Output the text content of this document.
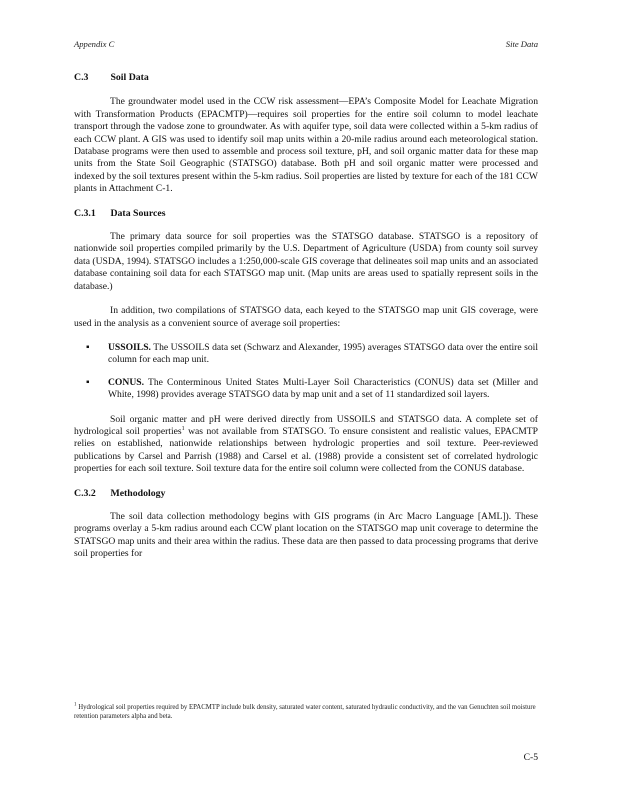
Appendix C	Site Data
C.3 Soil Data

The groundwater model used in the CCW risk assessment—EPA’s Composite Model for Leachate Migration with Transformation Products (EPACMTP)—requires soil properties for the entire soil column to model leachate transport through the vadose zone to groundwater. As with aquifer type, soil data were collected within a 5-km radius of each CCW plant. A GIS was used to identify soil map units within a 20-mile radius around each meteorological station. Database programs were then used to assemble and process soil texture, pH, and soil organic matter data for these map units from the State Soil Geographic (STATSGO) database. Both pH and soil organic matter were processed and indexed by the soil textures present within the 5-km radius. Soil properties are listed by texture for each of the 181 CCW plants in Attachment C-1.

C.3.1 Data Sources

The primary data source for soil properties was the STATSGO database. STATSGO is a repository of nationwide soil properties compiled primarily by the U.S. Department of Agriculture (USDA) from county soil survey data (USDA, 1994). STATSGO includes a 1:250,000-scale GIS coverage that delineates soil map units and an associated database containing soil data for each STATSGO map unit. (Map units are areas used to spatially represent soils in the database.)

In addition, two compilations of STATSGO data, each keyed to the STATSGO map unit GIS coverage, were used in the analysis as a convenient source of average soil properties:

▪ USSOILS. The USSOILS data set (Schwarz and Alexander, 1995) averages STATSGO data over the entire soil column for each map unit.
▪ CONUS. The Conterminous United States Multi-Layer Soil Characteristics (CONUS) data set (Miller and White, 1998) provides average STATSGO data by map unit and a set of 11 standardized soil layers.

Soil organic matter and pH were derived directly from USSOILS and STATSGO data. A complete set of hydrological soil properties$^1$ was not available from STATSGO. To ensure consistent and realistic values, EPACMTP relies on established, nationwide relationships between hydrologic properties and soil texture. Peer-reviewed publications by Carsel and Parrish (1988) and Carsel et al. (1988) provide a consistent set of correlated hydrologic properties for each soil texture. Soil texture data for the entire soil column were collected from the CONUS database.

C.3.2 Methodology

The soil data collection methodology begins with GIS programs (in Arc Macro Language [AML]). These programs overlay a 5-km radius around each CCW plant location on the STATSGO map unit coverage to determine the STATSGO map units and their area within the radius. These data are then passed to data processing programs that derive soil properties for

$^1$ Hydrological soil properties required by EPACMTP include bulk density, saturated water content, saturated hydraulic conductivity, and the van Genuchten soil moisture retention parameters alpha and beta.
C-5
